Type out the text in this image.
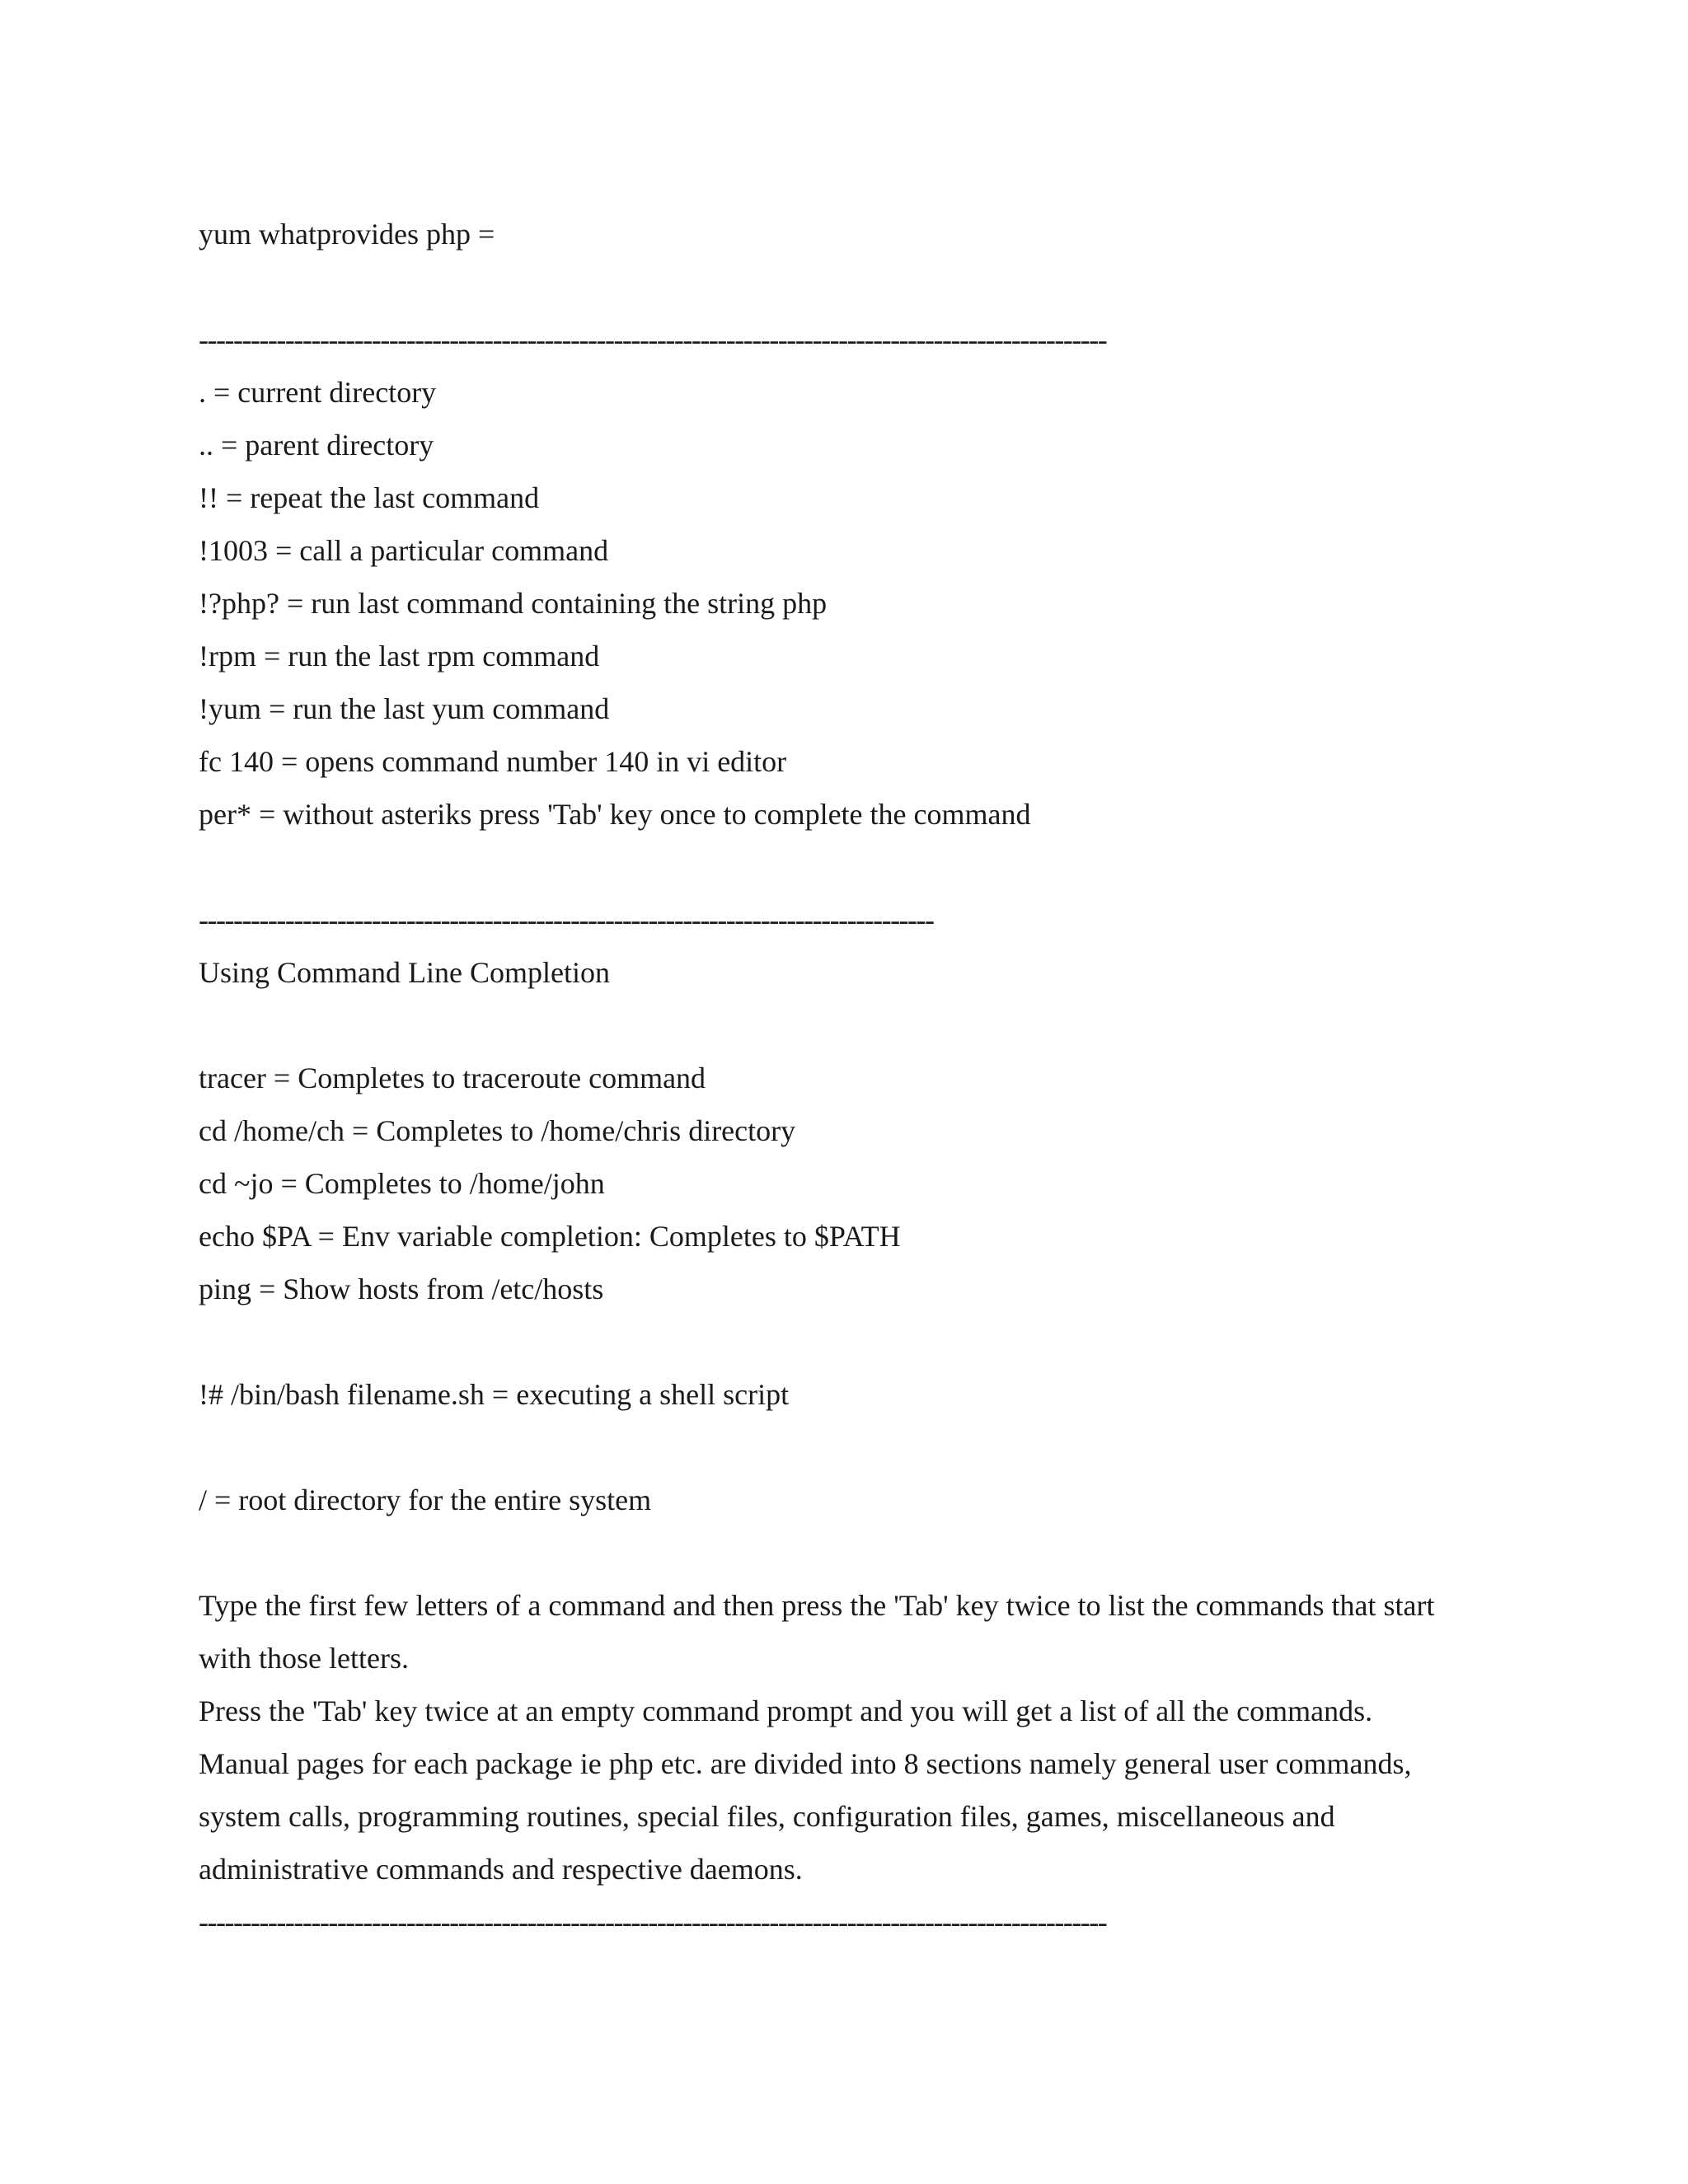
yum whatprovides php =
---------------------------------------------------------------------------------------------------------
. = current directory
.. = parent directory
!! = repeat the last command
!1003 = call a particular command
!?php? = run last command containing the string php
!rpm = run the last rpm command
!yum = run the last yum command
fc 140 = opens command number 140 in vi editor
per* = without asteriks press 'Tab' key once to complete the command
-------------------------------------------------------------------------------------
Using Command Line Completion
tracer = Completes to traceroute command
cd /home/ch = Completes to /home/chris directory
cd ~jo = Completes to /home/john
echo $PA = Env variable completion: Completes to $PATH
ping = Show hosts from /etc/hosts
!# /bin/bash filename.sh = executing a shell script
/ = root directory for the entire system
Type the first few letters of a command and then press the 'Tab' key twice to list the commands that start with those letters.
Press the 'Tab' key twice at an empty command prompt and you will get a list of all the commands.
Manual pages for each package ie php etc. are divided into 8 sections namely general user commands, system calls, programming routines, special files, configuration files, games, miscellaneous and administrative commands and respective daemons.
---------------------------------------------------------------------------------------------------------
